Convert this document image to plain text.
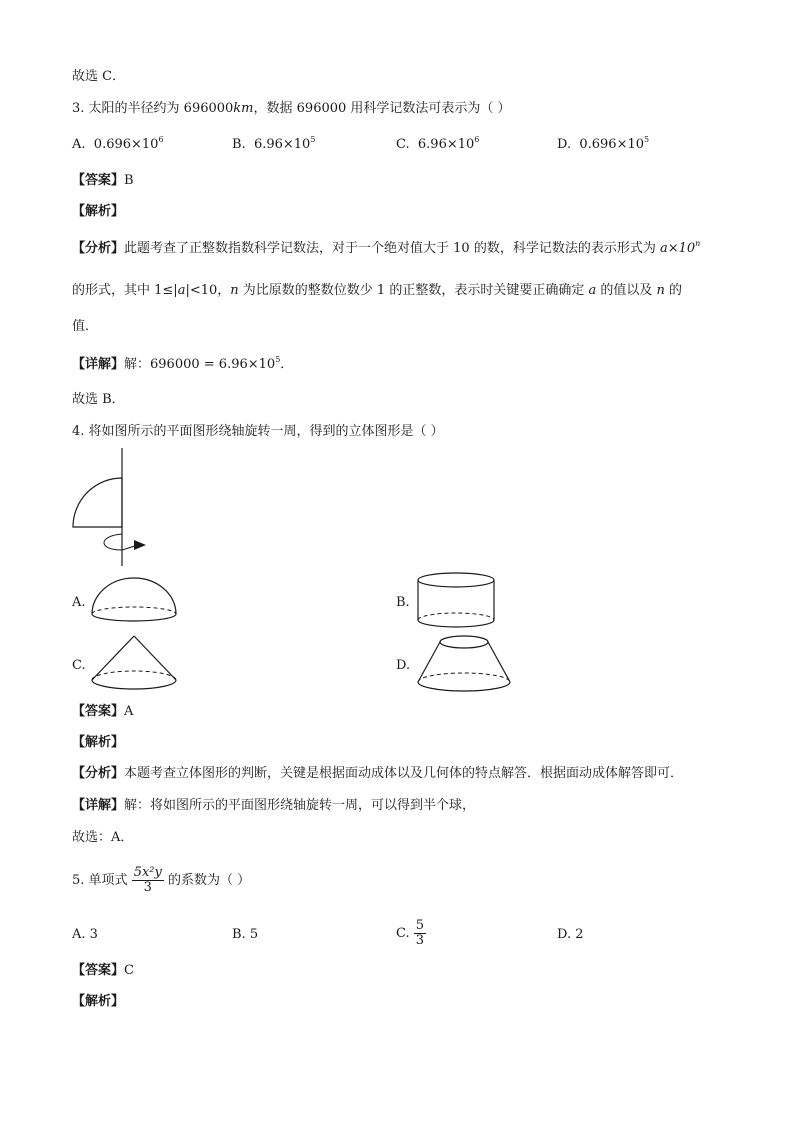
故选 C．
3. 太阳的半径约为 696000km，数据 696000 用科学记数法可表示为（ ）
A. $0.696\times 10^6$	B. $6.96\times 10^5$	C. $6.96\times 10^6$	D. $0.696\times 10^5$
【答案】B
【解析】
【分析】此题考查了正整数指数科学记数法，对于一个绝对值大于 10 的数，科学记数法的表示形式为 $a\times 10^n$
的形式，其中 1≤|a|<10，n 为比原数的整数位数少 1 的正整数，表示时关键要正确确定 a 的值以及 n 的
值．
【详解】解：$696000 = 6.96\times 10^5$．
故选 B．
4. 将如图所示的平面图形绕轴旋转一周，得到的立体图形是（ ）
A.	B.
C.	D.
【答案】A
【解析】
【分析】本题考查立体图形的判断，关键是根据面动成体以及几何体的特点解答．根据面动成体解答即可．
【详解】解：将如图所示的平面图形绕轴旋转一周，可以得到半个球，
故选：A．
5. 单项式 $\frac{\text{5x²y}}{3}$ 的系数为（ ）
A. 3	B. 5	C. $\frac{5}{3}$	D. 2
【答案】C
【解析】
